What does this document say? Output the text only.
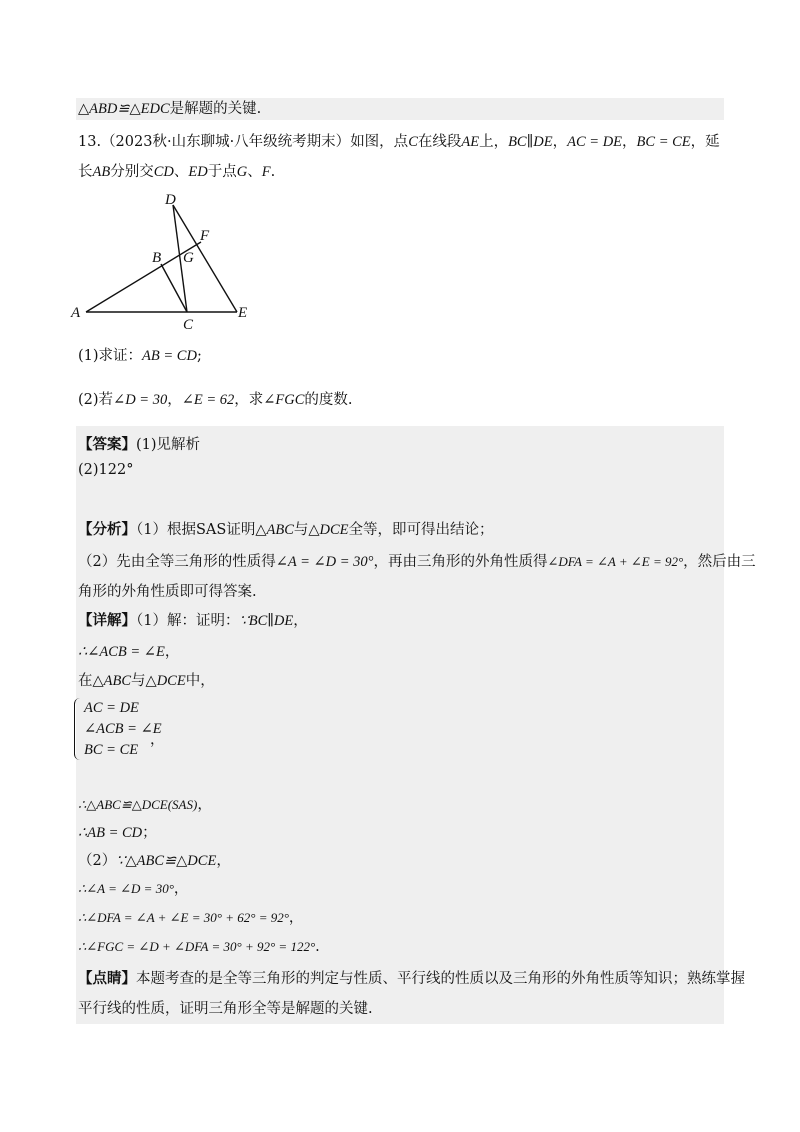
△ABD≌△EDC是解题的关键.
13.（2023秋·山东聊城·八年级统考期末）如图，点C在线段AE上，BC∥DE，AC = DE，BC = CE，延
长AB分别交CD、ED于点G、F.
D
F
B G
A
C
E
(1)求证：AB = CD;
(2)若∠D = 30，∠E = 62，求∠FGC的度数.
【答案】(1)见解析
(2)122°
【分析】（1）根据SAS证明△ABC与△DCE全等，即可得出结论；
（2）先由全等三角形的性质得∠A = ∠D = 30°，再由三角形的外角性质得∠DFA = ∠A + ∠E = 92°，然后由三
角形的外角性质即可得答案.
【详解】（1）解：证明：∵BC∥DE，
∴∠ACB = ∠E，
在△ABC与△DCE中，
AC = DE
∠ACB = ∠E
BC = CE
，
∴△ABC≌△DCE(SAS)，
∴AB = CD；
（2）∵△ABC≌△DCE，
∴∠A = ∠D = 30°，
∴∠DFA = ∠A + ∠E = 30° + 62° = 92°，
∴∠FGC = ∠D + ∠DFA = 30° + 92° = 122°.
【点睛】本题考查的是全等三角形的判定与性质、平行线的性质以及三角形的外角性质等知识；熟练掌握
平行线的性质，证明三角形全等是解题的关键.
